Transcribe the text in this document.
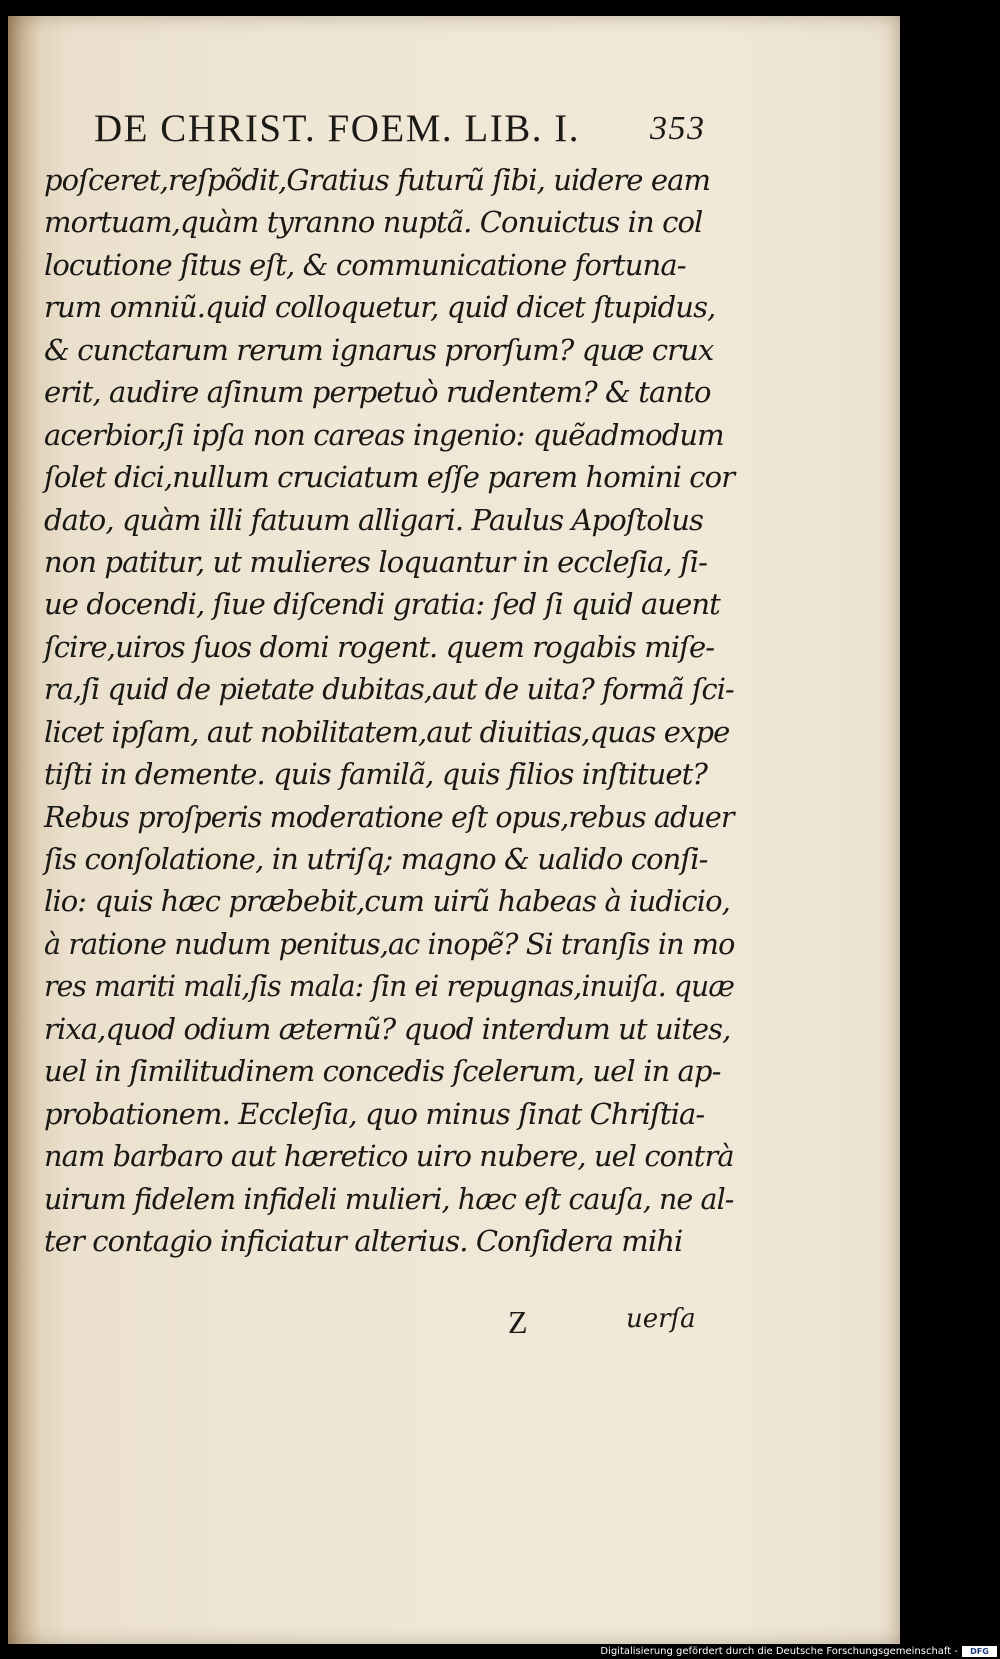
DE CHRIST. FOEM. LIB. I. 353
poſceret,reſpõdit,Gratius futurũ ſibi, uidere eam
mortuam,quàm tyranno nuptã. Conuictus in col
locutione ſitus eſt, & communicatione fortuna-
rum omniũ.quid colloquetur, quid dicet ſtupidus,
& cunctarum rerum ignarus prorſum? quæ crux
erit, audire aſinum perpetuò rudentem? & tanto
acerbior,ſi ipſa non careas ingenio: quẽadmodum
ſolet dici,nullum cruciatum eſſe parem homini cor
dato, quàm illi fatuum alligari. Paulus Apoſtolus
non patitur, ut mulieres loquantur in eccleſia, ſi-
ue docendi, ſiue diſcendi gratia: ſed ſi quid auent
ſcire,uiros ſuos domi rogent. quem rogabis miſe-
ra,ſi quid de pietate dubitas,aut de uita? formã ſci-
licet ipſam, aut nobilitatem,aut diuitias,quas expe
tiſti in demente. quis familã, quis filios inſtituet?
Rebus proſperis moderatione eſt opus,rebus aduer
ſis conſolatione, in utriſq; magno & ualido conſi-
lio: quis hæc præbebit,cum uirũ habeas à iudicio,
à ratione nudum penitus,ac inopẽ? Si tranſis in mo
res mariti mali,ſis mala: ſin ei repugnas,inuiſa. quæ
rixa,quod odium æternũ? quod interdum ut uites,
uel in ſimilitudinem concedis ſcelerum, uel in ap-
probationem. Eccleſia, quo minus ſinat Chriſtia-
nam barbaro aut hæretico uiro nubere, uel contrà
uirum fidelem infideli mulieri, hæc eſt cauſa, ne al-
ter contagio inficiatur alterius. Conſidera mihi
Z	uerſa
Digitalisierung gefördert durch die Deutsche Forschungsgemeinschaft -	DFG
